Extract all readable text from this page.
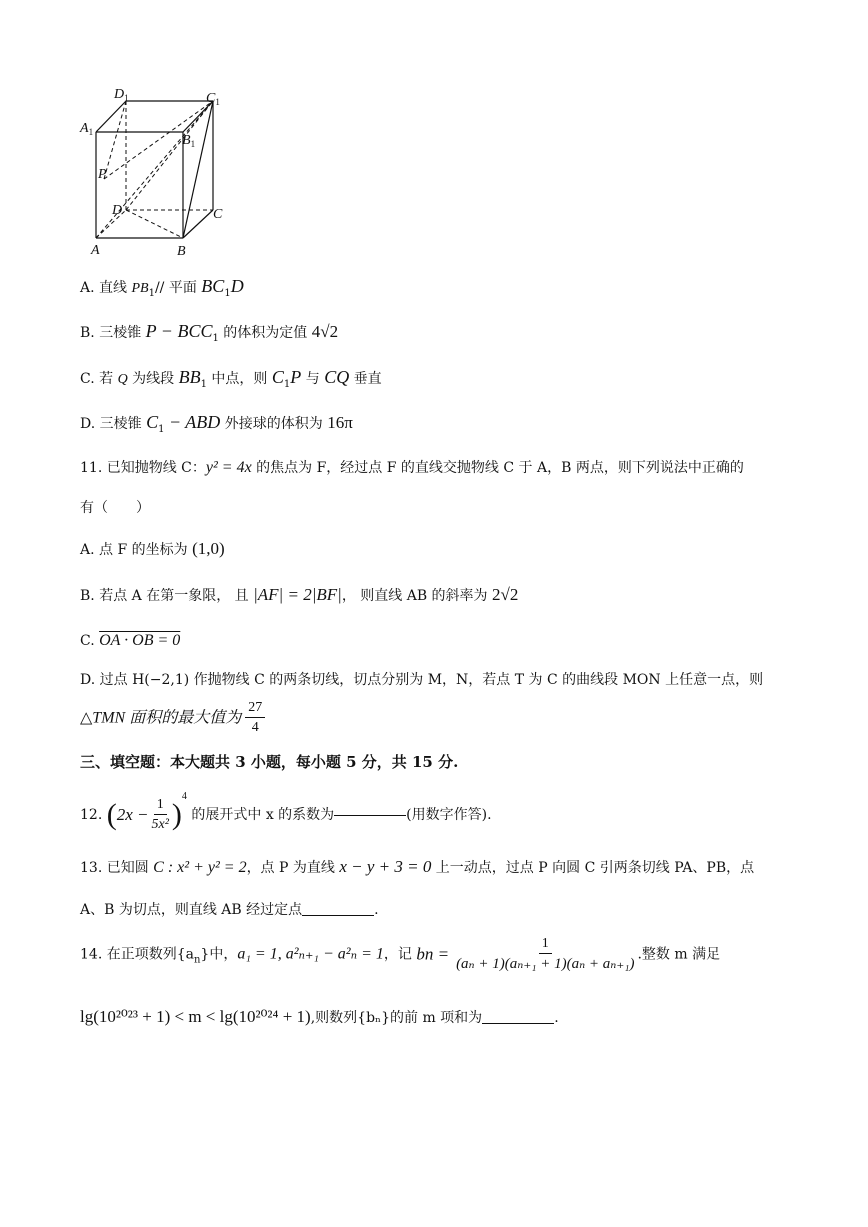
$D_1$	$C_1$
$A_1$
$B_1$
P
D	C
A	B
A. 直线 $PB_1//$ 平面 $BC_1D$
B. 三棱锥 $P - BCC_1$ 的体积为定值 4√2
C. 若 Q 为线段 $BB_1$ 中点，则 $C_1P$ 与 CQ 垂直
D. 三棱锥 $C_1$ − ABD 外接球的体积为 16π
11. 已知抛物线 C：y² = 4x 的焦点为 F，经过点 F 的直线交抛物线 C 于 A，B 两点，则下列说法中正确的
有（　　）
A. 点 F 的坐标为 (1,0)
B. 若点 A 在第一象限， 且 |AF| = 2|BF|， 则直线 AB 的斜率为 2√2
C. OA · OB = 0
D. 过点 H(−2,1) 作抛物线 C 的两条切线，切点分别为 M，N，若点 T 为 C 的曲线段 MON 上任意一点，则
△TMN 面积的最大值为 $\frac{27}{4}$
三、填空题：本大题共 3 小题，每小题 5 分，共 15 分.
12. $(2x - \frac{1}{\text{5x²}} )^4$ 的展开式中 x 的系数为	(用数字作答).
13. 已知圆 C : x² + y² = 2，点 P 为直线 x − y + 3 = 0 上一动点，过点 P 向圆 C 引两条切线 PA、PB，点
A、B 为切点，则直线 AB 经过定点	.
14. 在正项数列$\{a_n\}$中，a₁ = 1, a²ₙ₊₁ − a²ₙ = 1，记 bn = $\frac{1}{\text{(aₙ + 1)(aₙ₊₁ + 1)(aₙ + aₙ₊₁)}}$ .整数 m 满足
lg(10²⁰²³ + 1) < m < lg(10²⁰²⁴ + 1),则数列{bₙ}的前 m 项和为	.
